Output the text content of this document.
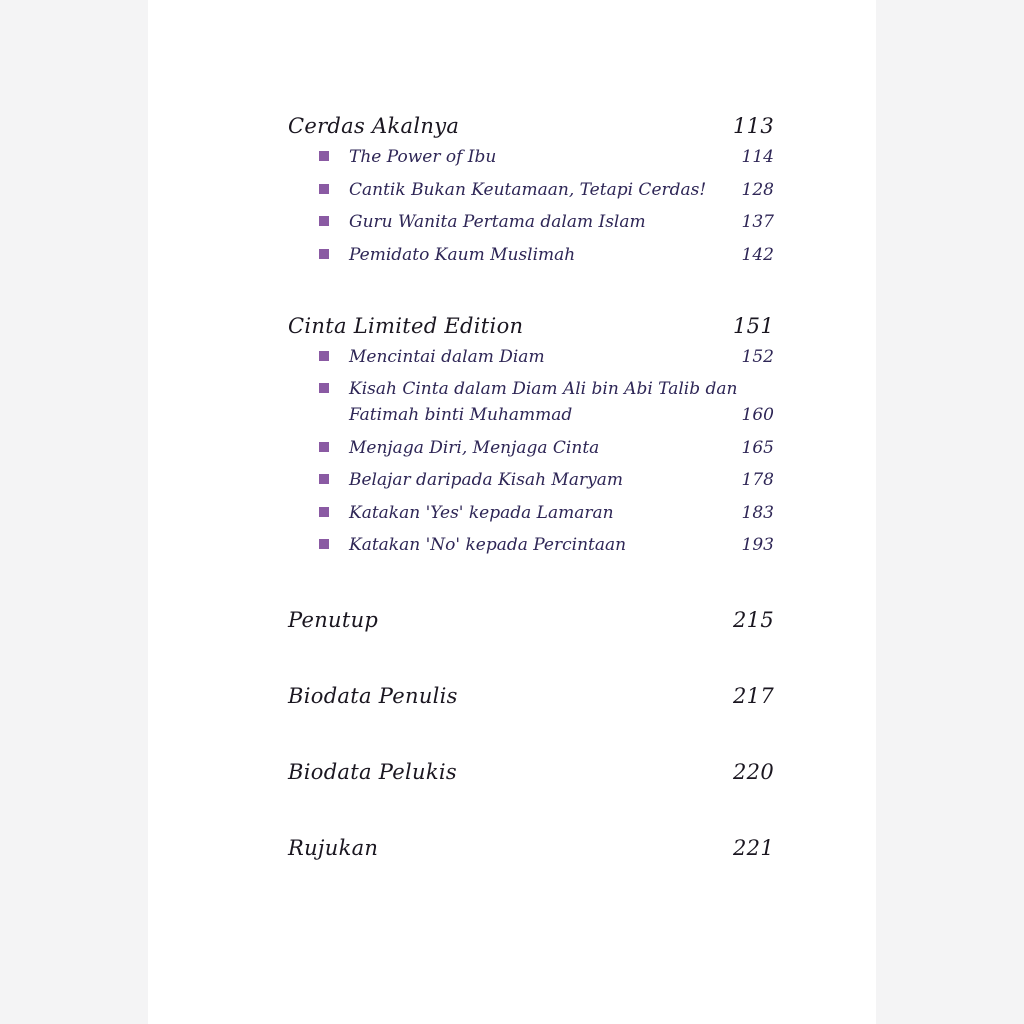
Cerdas Akalnya	113
The Power of Ibu	114
Cantik Bukan Keutamaan, Tetapi Cerdas! 128
Guru Wanita Pertama dalam Islam	137
Pemidato Kaum Muslimah	142
Cinta Limited Edition	151
Mencintai dalam Diam	152
Kisah Cinta dalam Diam Ali bin Abi Talib dan
Fatimah binti Muhammad	160
Menjaga Diri, Menjaga Cinta	165
Belajar daripada Kisah Maryam	178
Katakan 'Yes' kepada Lamaran	183
Katakan 'No' kepada Percintaan	193
Penutup	215
Biodata Penulis	217
Biodata Pelukis	220
Rujukan	221
